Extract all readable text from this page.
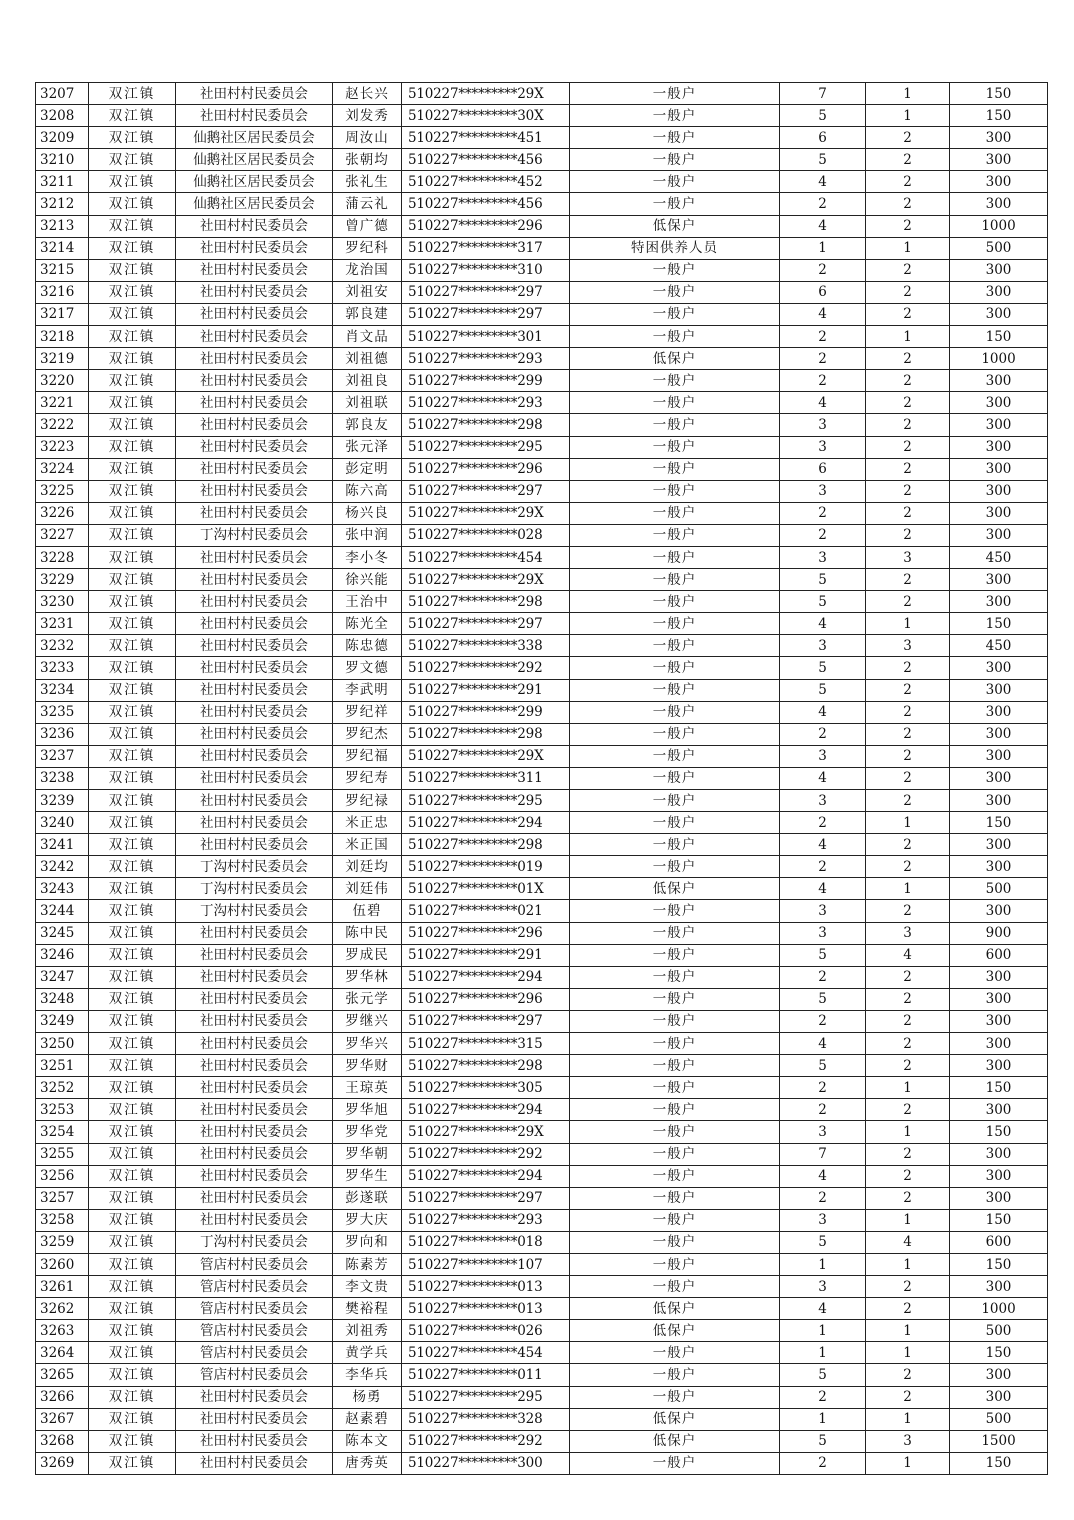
3207	双江镇	社田村村民委员会	赵长兴	510227*********29X	一般户	7	1	150
3208	双江镇	社田村村民委员会	刘发秀	510227*********30X	一般户	5	1	150
3209	双江镇	仙鹅社区居民委员会	周汝山	510227*********451	一般户	6	2	300
3210	双江镇	仙鹅社区居民委员会	张朝均	510227*********456	一般户	5	2	300
3211	双江镇	仙鹅社区居民委员会	张礼生	510227*********452	一般户	4	2	300
3212	双江镇	仙鹅社区居民委员会	蒲云礼	510227*********456	一般户	2	2	300
3213	双江镇	社田村村民委员会	曾广德	510227*********296	低保户	4	2	1000
3214	双江镇	社田村村民委员会	罗纪科	510227*********317	特困供养人员	1	1	500
3215	双江镇	社田村村民委员会	龙治国	510227*********310	一般户	2	2	300
3216	双江镇	社田村村民委员会	刘祖安	510227*********297	一般户	6	2	300
3217	双江镇	社田村村民委员会	郭良建	510227*********297	一般户	4	2	300
3218	双江镇	社田村村民委员会	肖文品	510227*********301	一般户	2	1	150
3219	双江镇	社田村村民委员会	刘祖德	510227*********293	低保户	2	2	1000
3220	双江镇	社田村村民委员会	刘祖良	510227*********299	一般户	2	2	300
3221	双江镇	社田村村民委员会	刘祖联	510227*********293	一般户	4	2	300
3222	双江镇	社田村村民委员会	郭良友	510227*********298	一般户	3	2	300
3223	双江镇	社田村村民委员会	张元泽	510227*********295	一般户	3	2	300
3224	双江镇	社田村村民委员会	彭定明	510227*********296	一般户	6	2	300
3225	双江镇	社田村村民委员会	陈六高	510227*********297	一般户	3	2	300
3226	双江镇	社田村村民委员会	杨兴良	510227*********29X	一般户	2	2	300
3227	双江镇	丁沟村村民委员会	张中润	510227*********028	一般户	2	2	300
3228	双江镇	社田村村民委员会	李小冬	510227*********454	一般户	3	3	450
3229	双江镇	社田村村民委员会	徐兴能	510227*********29X	一般户	5	2	300
3230	双江镇	社田村村民委员会	王治中	510227*********298	一般户	5	2	300
3231	双江镇	社田村村民委员会	陈光全	510227*********297	一般户	4	1	150
3232	双江镇	社田村村民委员会	陈忠德	510227*********338	一般户	3	3	450
3233	双江镇	社田村村民委员会	罗文德	510227*********292	一般户	5	2	300
3234	双江镇	社田村村民委员会	李武明	510227*********291	一般户	5	2	300
3235	双江镇	社田村村民委员会	罗纪祥	510227*********299	一般户	4	2	300
3236	双江镇	社田村村民委员会	罗纪杰	510227*********298	一般户	2	2	300
3237	双江镇	社田村村民委员会	罗纪福	510227*********29X	一般户	3	2	300
3238	双江镇	社田村村民委员会	罗纪寿	510227*********311	一般户	4	2	300
3239	双江镇	社田村村民委员会	罗纪禄	510227*********295	一般户	3	2	300
3240	双江镇	社田村村民委员会	米正忠	510227*********294	一般户	2	1	150
3241	双江镇	社田村村民委员会	米正国	510227*********298	一般户	4	2	300
3242	双江镇	丁沟村村民委员会	刘廷均	510227*********019	一般户	2	2	300
3243	双江镇	丁沟村村民委员会	刘廷伟	510227*********01X	低保户	4	1	500
3244	双江镇	丁沟村村民委员会	伍碧	510227*********021	一般户	3	2	300
3245	双江镇	社田村村民委员会	陈中民	510227*********296	一般户	3	3	900
3246	双江镇	社田村村民委员会	罗成民	510227*********291	一般户	5	4	600
3247	双江镇	社田村村民委员会	罗华林	510227*********294	一般户	2	2	300
3248	双江镇	社田村村民委员会	张元学	510227*********296	一般户	5	2	300
3249	双江镇	社田村村民委员会	罗继兴	510227*********297	一般户	2	2	300
3250	双江镇	社田村村民委员会	罗华兴	510227*********315	一般户	4	2	300
3251	双江镇	社田村村民委员会	罗华财	510227*********298	一般户	5	2	300
3252	双江镇	社田村村民委员会	王琼英	510227*********305	一般户	2	1	150
3253	双江镇	社田村村民委员会	罗华旭	510227*********294	一般户	2	2	300
3254	双江镇	社田村村民委员会	罗华党	510227*********29X	一般户	3	1	150
3255	双江镇	社田村村民委员会	罗华朝	510227*********292	一般户	7	2	300
3256	双江镇	社田村村民委员会	罗华生	510227*********294	一般户	4	2	300
3257	双江镇	社田村村民委员会	彭遂联	510227*********297	一般户	2	2	300
3258	双江镇	社田村村民委员会	罗大庆	510227*********293	一般户	3	1	150
3259	双江镇	丁沟村村民委员会	罗向和	510227*********018	一般户	5	4	600
3260	双江镇	管店村村民委员会	陈素芳	510227*********107	一般户	1	1	150
3261	双江镇	管店村村民委员会	李文贵	510227*********013	一般户	3	2	300
3262	双江镇	管店村村民委员会	樊裕程	510227*********013	低保户	4	2	1000
3263	双江镇	管店村村民委员会	刘祖秀	510227*********026	低保户	1	1	500
3264	双江镇	管店村村民委员会	黄学兵	510227*********454	一般户	1	1	150
3265	双江镇	管店村村民委员会	李华兵	510227*********011	一般户	5	2	300
3266	双江镇	社田村村民委员会	杨勇	510227*********295	一般户	2	2	300
3267	双江镇	社田村村民委员会	赵素碧	510227*********328	低保户	1	1	500
3268	双江镇	社田村村民委员会	陈本文	510227*********292	低保户	5	3	1500
3269	双江镇	社田村村民委员会	唐秀英	510227*********300	一般户	2	1	150
